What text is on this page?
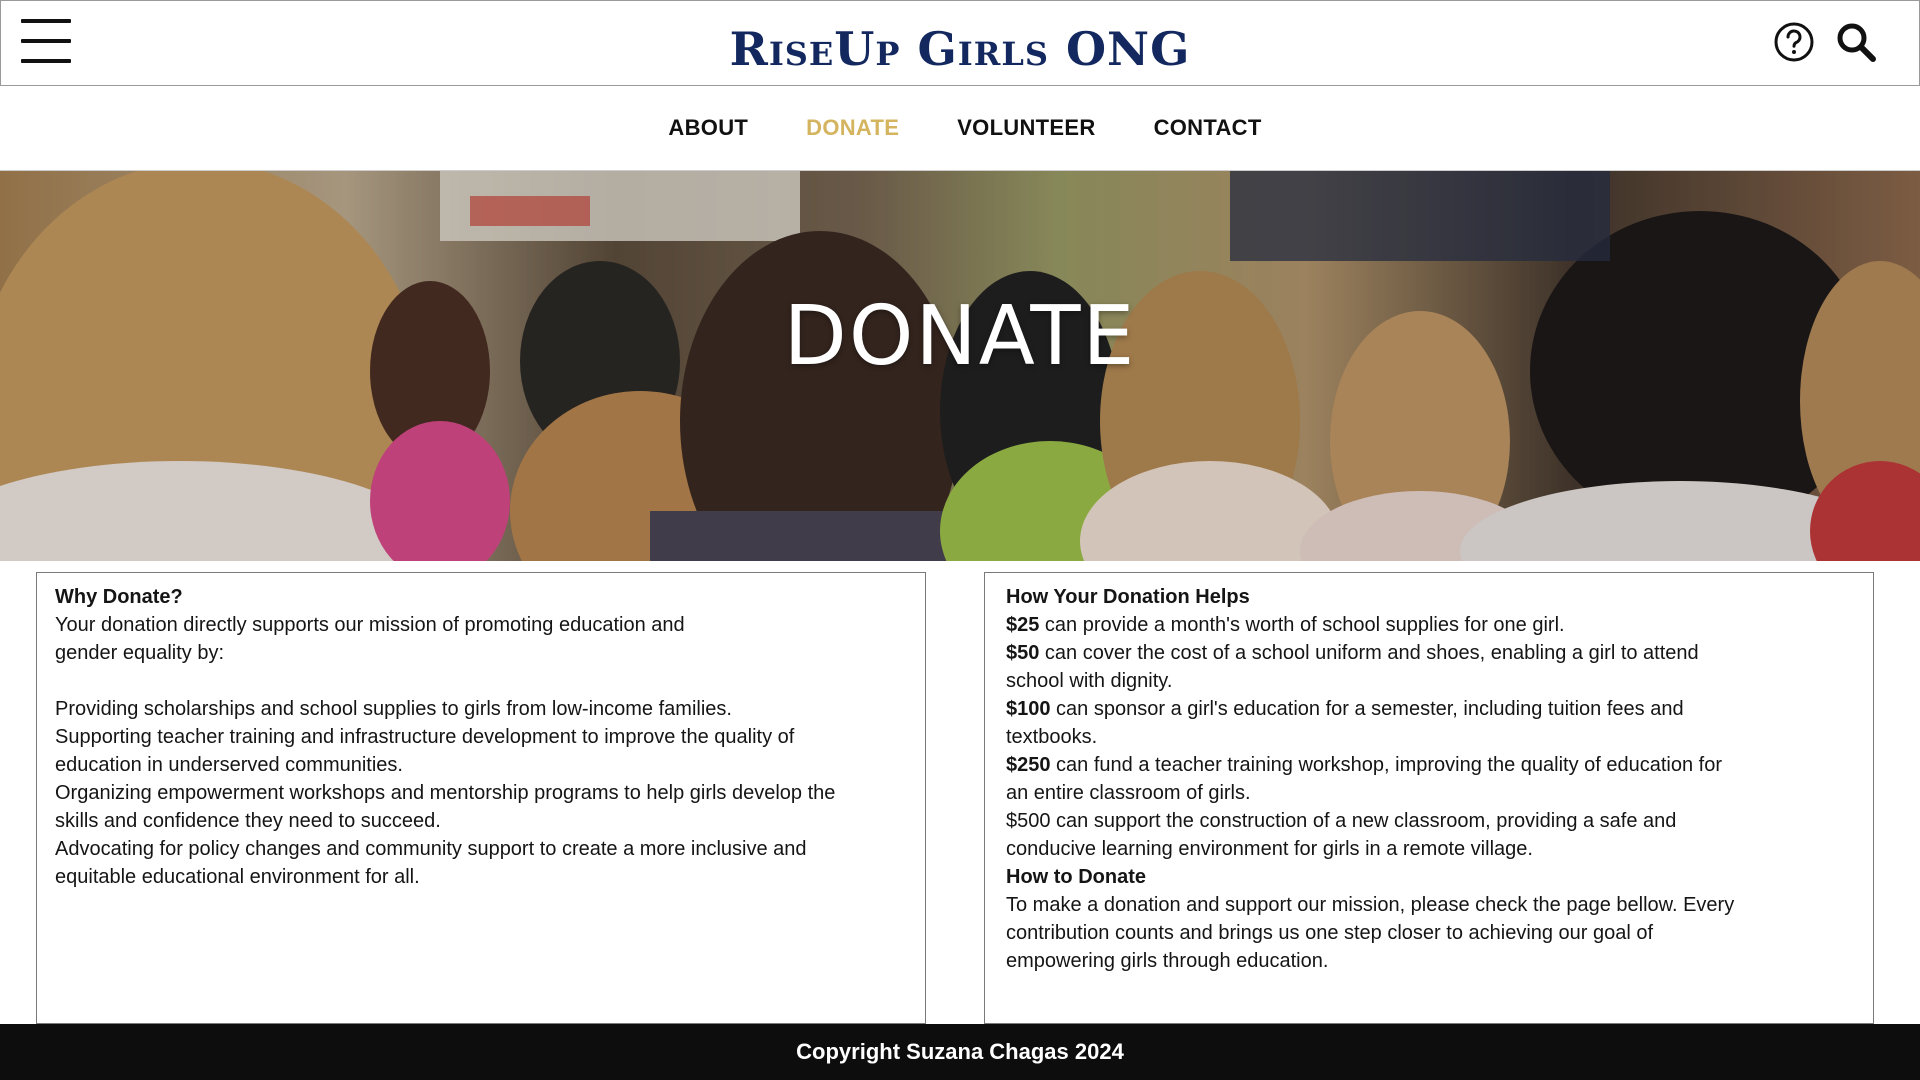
RiseUp Girls ONG
ABOUT	DONATE	VOLUNTEER	CONTACT
DONATE
Why Donate?

Your donation directly supports our mission of promoting education and gender equality by:

Providing scholarships and school supplies to girls from low-income families.

Supporting teacher training and infrastructure development to improve the quality of education in underserved communities.

Organizing empowerment workshops and mentorship programs to help girls develop the skills and confidence they need to succeed.

Advocating for policy changes and community support to create a more inclusive and equitable educational environment for all.

How Your Donation Helps

$25 can provide a month's worth of school supplies for one girl.

$50 can cover the cost of a school uniform and shoes, enabling a girl to attend school with dignity.

$100 can sponsor a girl's education for a semester, including tuition fees and textbooks.

$250 can fund a teacher training workshop, improving the quality of education for an entire classroom of girls.

$500 can support the construction of a new classroom, providing a safe and conducive learning environment for girls in a remote village.

How to Donate

To make a donation and support our mission, please check the page bellow. Every contribution counts and brings us one step closer to achieving our goal of empowering girls through education.

Copyright Suzana Chagas 2024
